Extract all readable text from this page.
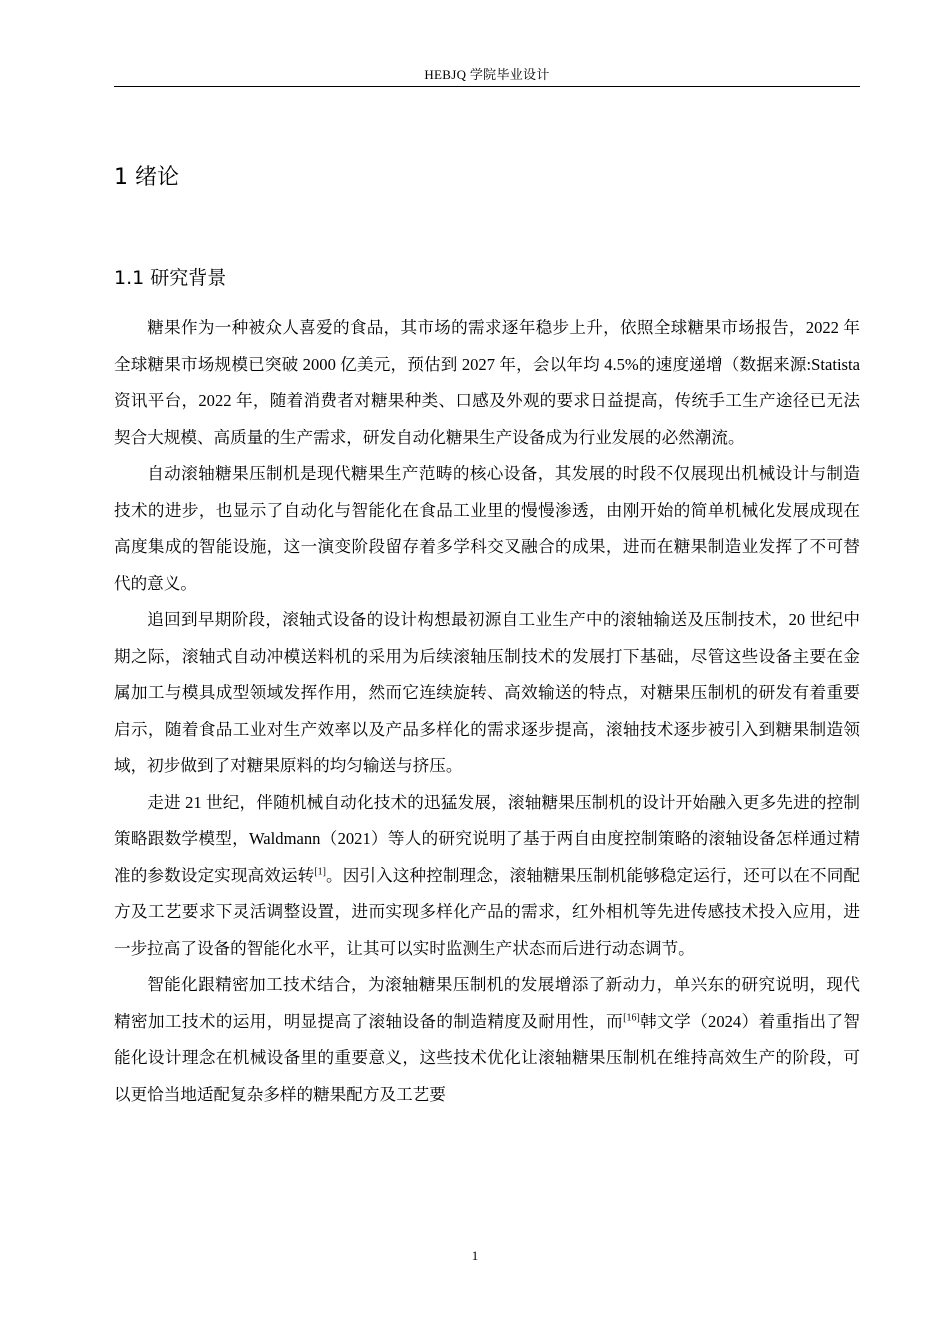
HEBJQ 学院毕业设计
1 绪论
1.1 研究背景

糖果作为一种被众人喜爱的食品，其市场的需求逐年稳步上升，依照全球糖果市场报告，2022 年全球糖果市场规模已突破 2000 亿美元，预估到 2027 年，会以年均 4.5%的速度递增（数据来源:Statista 资讯平台，2022 年，随着消费者对糖果种类、口感及外观的要求日益提高，传统手工生产途径已无法契合大规模、高质量的生产需求，研发自动化糖果生产设备成为行业发展的必然潮流。

自动滚轴糖果压制机是现代糖果生产范畴的核心设备，其发展的时段不仅展现出机械设计与制造技术的进步，也显示了自动化与智能化在食品工业里的慢慢渗透，由刚开始的简单机械化发展成现在高度集成的智能设施，这一演变阶段留存着多学科交叉融合的成果，进而在糖果制造业发挥了不可替代的意义。

追回到早期阶段，滚轴式设备的设计构想最初源自工业生产中的滚轴输送及压制技术，20 世纪中期之际，滚轴式自动冲模送料机的采用为后续滚轴压制技术的发展打下基础，尽管这些设备主要在金属加工与模具成型领域发挥作用，然而它连续旋转、高效输送的特点，对糖果压制机的研发有着重要启示，随着食品工业对生产效率以及产品多样化的需求逐步提高，滚轴技术逐步被引入到糖果制造领域，初步做到了对糖果原料的均匀输送与挤压。

走进 21 世纪，伴随机械自动化技术的迅猛发展，滚轴糖果压制机的设计开始融入更多先进的控制策略跟数学模型，Waldmann（2021）等人的研究说明了基于两自由度控制策略的滚轴设备怎样通过精准的参数设定实现高效运转[1]。因引入这种控制理念，滚轴糖果压制机能够稳定运行，还可以在不同配方及工艺要求下灵活调整设置，进而实现多样化产品的需求，红外相机等先进传感技术投入应用，进一步拉高了设备的智能化水平，让其可以实时监测生产状态而后进行动态调节。

智能化跟精密加工技术结合，为滚轴糖果压制机的发展增添了新动力，单兴东的研究说明，现代精密加工技术的运用，明显提高了滚轴设备的制造精度及耐用性，而[16]韩文学（2024）着重指出了智能化设计理念在机械设备里的重要意义，这些技术优化让滚轴糖果压制机在维持高效生产的阶段，可以更恰当地适配复杂多样的糖果配方及工艺要

1
